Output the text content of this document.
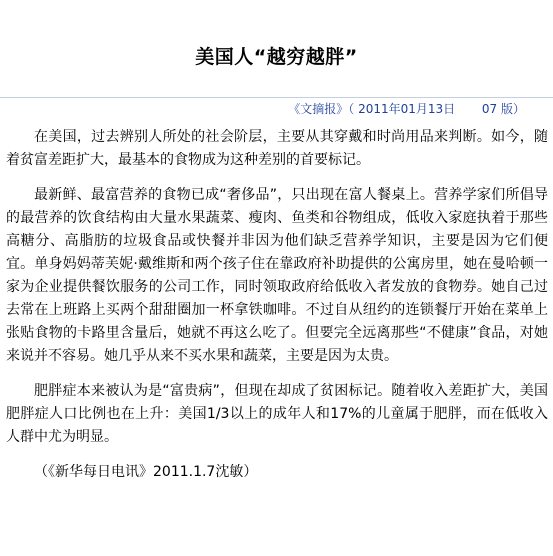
美国人“越穷越胖”
《文摘报》（ 2011年01月13日       07 版）

在美国，过去辨别人所处的社会阶层，主要从其穿戴和时尚用品来判断。如今，随着贫富差距扩大，最基本的食物成为这种差别的首要标记。

最新鲜、最富营养的食物已成“奢侈品”，只出现在富人餐桌上。营养学家们所倡导的最营养的饮食结构由大量水果蔬菜、瘦肉、鱼类和谷物组成，低收入家庭执着于那些高糖分、高脂肪的垃圾食品或快餐并非因为他们缺乏营养学知识，主要是因为它们便宜。单身妈妈蒂芙妮·戴维斯和两个孩子住在靠政府补助提供的公寓房里，她在曼哈顿一家为企业提供餐饮服务的公司工作，同时领取政府给低收入者发放的食物券。她自己过去常在上班路上买两个甜甜圈加一杯拿铁咖啡。不过自从纽约的连锁餐厅开始在菜单上张贴食物的卡路里含量后，她就不再这么吃了。但要完全远离那些“不健康”食品，对她来说并不容易。她几乎从来不买水果和蔬菜，主要是因为太贵。

肥胖症本来被认为是“富贵病”，但现在却成了贫困标记。随着收入差距扩大，美国肥胖症人口比例也在上升：美国1/3以上的成年人和17%的儿童属于肥胖，而在低收入人群中尤为明显。

（《新华每日电讯》2011.1.7沈敏）
